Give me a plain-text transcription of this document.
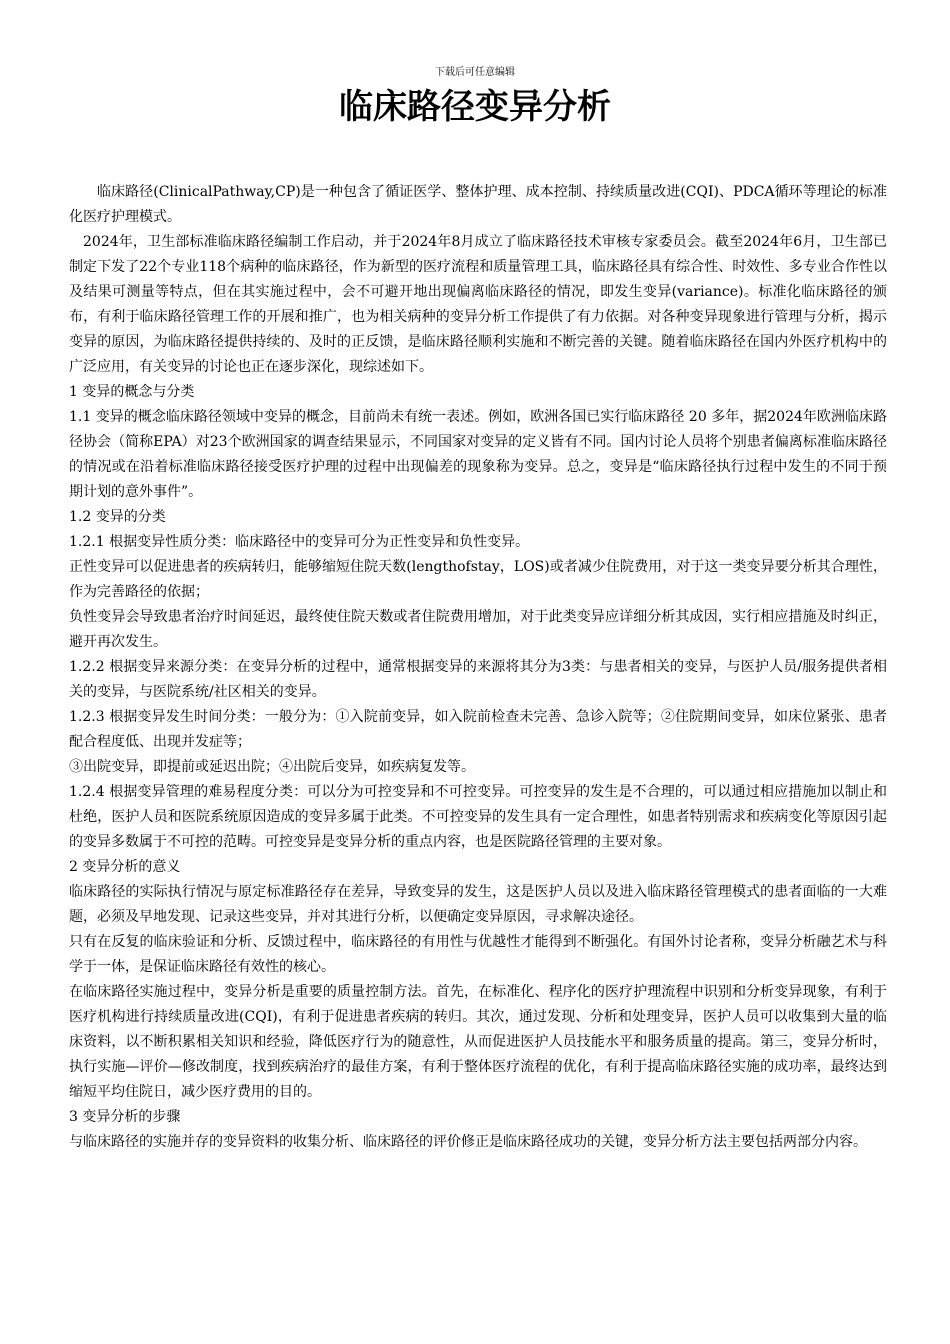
下载后可任意编辑
临床路径变异分析

临床路径(ClinicalPathway,CP)是一种包含了循证医学、整体护理、成本控制、持续质量改进(CQI)、PDCA循环等理论的标准化医疗护理模式。

2024年，卫生部标准临床路径编制工作启动，并于2024年8月成立了临床路径技术审核专家委员会。截至2024年6月，卫生部已制定下发了22个专业118个病种的临床路径，作为新型的医疗流程和质量管理工具，临床路径具有综合性、时效性、多专业合作性以及结果可测量等特点，但在其实施过程中，会不可避开地出现偏离临床路径的情况，即发生变异(variance)。标准化临床路径的颁布，有利于临床路径管理工作的开展和推广，也为相关病种的变异分析工作提供了有力依据。对各种变异现象进行管理与分析，揭示变异的原因，为临床路径提供持续的、及时的正反馈，是临床路径顺利实施和不断完善的关键。随着临床路径在国内外医疗机构中的广泛应用，有关变异的讨论也正在逐步深化，现综述如下。

1 变异的概念与分类

1.1 变异的概念临床路径领域中变异的概念，目前尚未有统一表述。例如，欧洲各国已实行临床路径 20 多年，据2024年欧洲临床路径协会（简称EPA）对23个欧洲国家的调查结果显示，不同国家对变异的定义皆有不同。国内讨论人员将个别患者偏离标准临床路径的情况或在沿着标准临床路径接受医疗护理的过程中出现偏差的现象称为变异。总之，变异是“临床路径执行过程中发生的不同于预期计划的意外事件”。

1.2 变异的分类

1.2.1 根据变异性质分类：临床路径中的变异可分为正性变异和负性变异。

正性变异可以促进患者的疾病转归，能够缩短住院天数(lengthofstay，LOS)或者减少住院费用，对于这一类变异要分析其合理性，作为完善路径的依据；

负性变异会导致患者治疗时间延迟，最终使住院天数或者住院费用增加，对于此类变异应详细分析其成因，实行相应措施及时纠正，避开再次发生。

1.2.2 根据变异来源分类：在变异分析的过程中，通常根据变异的来源将其分为3类：与患者相关的变异，与医护人员/服务提供者相关的变异，与医院系统/社区相关的变异。

1.2.3 根据变异发生时间分类：一般分为：①入院前变异，如入院前检查未完善、急诊入院等；②住院期间变异，如床位紧张、患者配合程度低、出现并发症等；

③出院变异，即提前或延迟出院；④出院后变异，如疾病复发等。

1.2.4 根据变异管理的难易程度分类：可以分为可控变异和不可控变异。可控变异的发生是不合理的，可以通过相应措施加以制止和杜绝，医护人员和医院系统原因造成的变异多属于此类。不可控变异的发生具有一定合理性，如患者特别需求和疾病变化等原因引起的变异多数属于不可控的范畴。可控变异是变异分析的重点内容，也是医院路径管理的主要对象。

2 变异分析的意义

临床路径的实际执行情况与原定标准路径存在差异，导致变异的发生，这是医护人员以及进入临床路径管理模式的患者面临的一大难题，必须及早地发现、记录这些变异，并对其进行分析，以便确定变异原因，寻求解决途径。

只有在反复的临床验证和分析、反馈过程中，临床路径的有用性与优越性才能得到不断强化。有国外讨论者称，变异分析融艺术与科学于一体，是保证临床路径有效性的核心。

在临床路径实施过程中，变异分析是重要的质量控制方法。首先，在标准化、程序化的医疗护理流程中识别和分析变异现象，有利于医疗机构进行持续质量改进(CQI)，有利于促进患者疾病的转归。其次，通过发现、分析和处理变异，医护人员可以收集到大量的临床资料，以不断积累相关知识和经验，降低医疗行为的随意性，从而促进医护人员技能水平和服务质量的提高。第三，变异分析时，执行实施—评价—修改制度，找到疾病治疗的最佳方案，有利于整体医疗流程的优化，有利于提高临床路径实施的成功率，最终达到缩短平均住院日，减少医疗费用的目的。

3 变异分析的步骤

与临床路径的实施并存的变异资料的收集分析、临床路径的评价修正是临床路径成功的关键，变异分析方法主要包括两部分内容。
